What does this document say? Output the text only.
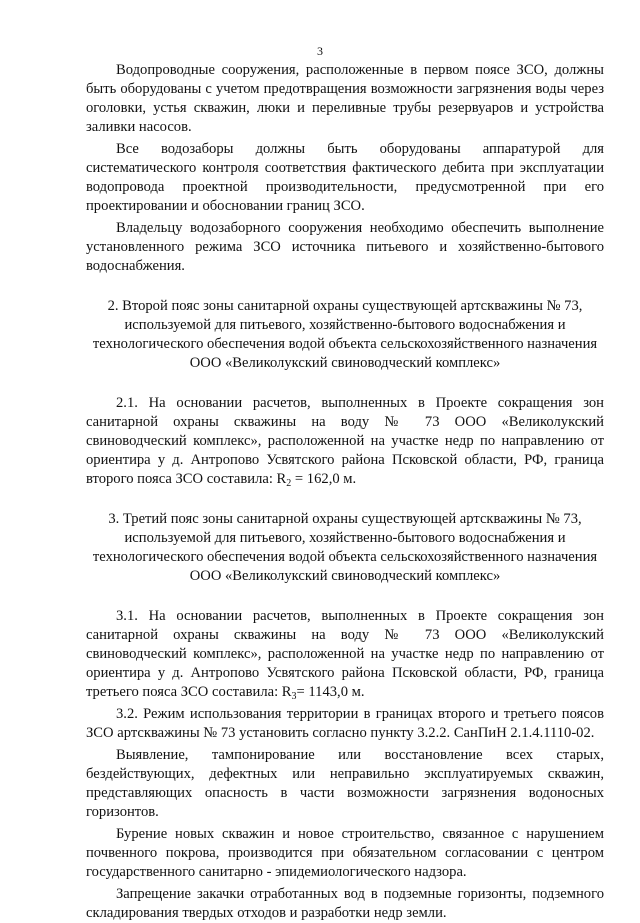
3

Водопроводные сооружения, расположенные в первом поясе ЗСО, должны быть оборудованы с учетом предотвращения возможности загрязнения воды через оголовки, устья скважин, люки и переливные трубы резервуаров и устройства заливки насосов.

Все водозаборы должны быть оборудованы аппаратурой для систематического контроля соответствия фактического дебита при эксплуатации водопровода проектной производительности, предусмотренной при его проектировании и обосновании границ ЗСО.

Владельцу водозаборного сооружения необходимо обеспечить выполнение установленного режима ЗСО источника питьевого и хозяйственно-бытового водоснабжения.

2. Второй пояс зоны санитарной охраны существующей артскважины № 73, используемой для питьевого, хозяйственно-бытового водоснабжения и технологического обеспечения водой объекта сельскохозяйственного назначения ООО «Великолукский свиноводческий комплекс»

2.1. На основании расчетов, выполненных в Проекте сокращения зон санитарной охраны скважины на воду № 73 ООО «Великолукский свиноводческий комплекс», расположенной на участке недр по направлению от ориентира у д. Антропово Усвятского района Псковской области, РФ, граница второго пояса ЗСО составила: $R_2 = 162,0$ м.

3. Третий пояс зоны санитарной охраны существующей артскважины № 73, используемой для питьевого, хозяйственно-бытового водоснабжения и технологического обеспечения водой объекта сельскохозяйственного назначения ООО «Великолукский свиноводческий комплекс»

3.1. На основании расчетов, выполненных в Проекте сокращения зон санитарной охраны скважины на воду № 73 ООО «Великолукский свиноводческий комплекс», расположенной на участке недр по направлению от ориентира у д. Антропово Усвятского района Псковской области, РФ, граница третьего пояса ЗСО составила: $R_3= 1143,0$ м.

3.2. Режим использования территории в границах второго и третьего поясов ЗСО артскважины № 73 установить согласно пункту 3.2.2. СанПиН 2.1.4.1110-02.

Выявление, тампонирование или восстановление всех старых, бездействующих, дефектных или неправильно эксплуатируемых скважин, представляющих опасность в части возможности загрязнения водоносных горизонтов.

Бурение новых скважин и новое строительство, связанное с нарушением почвенного покрова, производится при обязательном согласовании с центром государственного санитарно - эпидемиологического надзора.

Запрещение закачки отработанных вод в подземные горизонты, подземного складирования твердых отходов и разработки недр земли.
